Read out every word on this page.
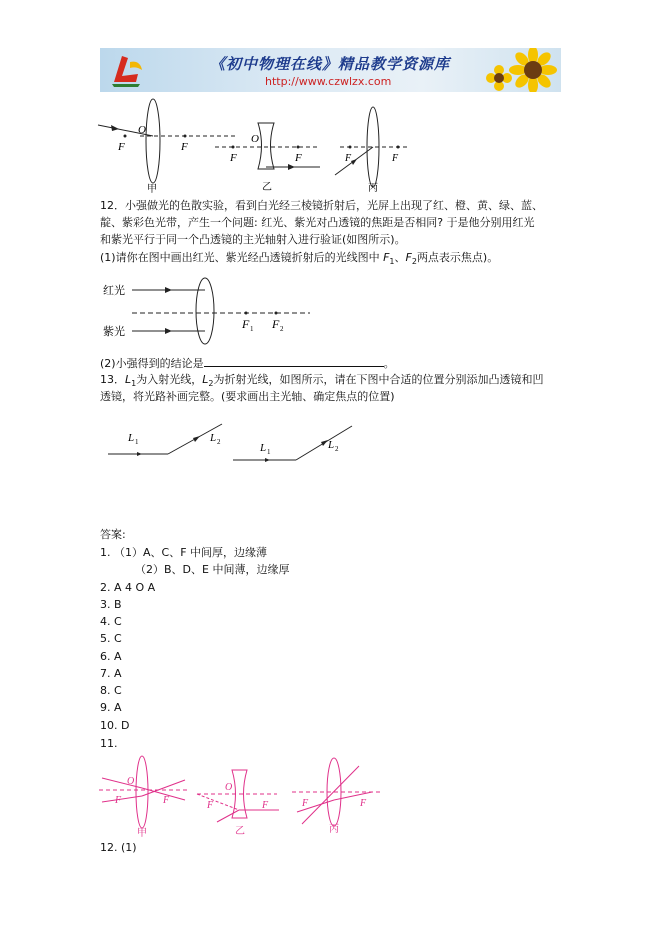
《初中物理在线》精品教学资源库
http://www.czwlzx.com
O
F	F
甲
O
F	F
乙
F	F
丙
12．小强做光的色散实验，看到白光经三棱镜折射后，光屏上出现了红、橙、黄、绿、蓝、
靛、紫彩色光带，产生一个问题: 红光、紫光对凸透镜的焦距是否相同? 于是他分别用红光
和紫光平行于同一个凸透镜的主光轴射入进行验证(如图所示)。
(1)请你在图中画出红光、紫光经凸透镜折射后的光线图中 $F_1$、$F_2$两点表示焦点)。
红光
紫光
F 1 F 2
(2)小强得到的结论是	。
13．$L_1$为入射光线，$L_2$为折射光线，如图所示，请在下图中合适的位置分别添加凸透镜和凹
透镜，将光路补画完整。(要求画出主光轴、确定焦点的位置)
L 1	L 2	L 1
L 2
答案:
1. （1）A、C、F 中间厚，边缘薄
（2）B、D、E 中间薄，边缘厚
2. A 4 O A
3. B
4. C
5. C
6. A
7. A
8. C
9. A
10. D
11.
O
F	F
甲
O
F	F
乙
F	F
丙
12. (1)
